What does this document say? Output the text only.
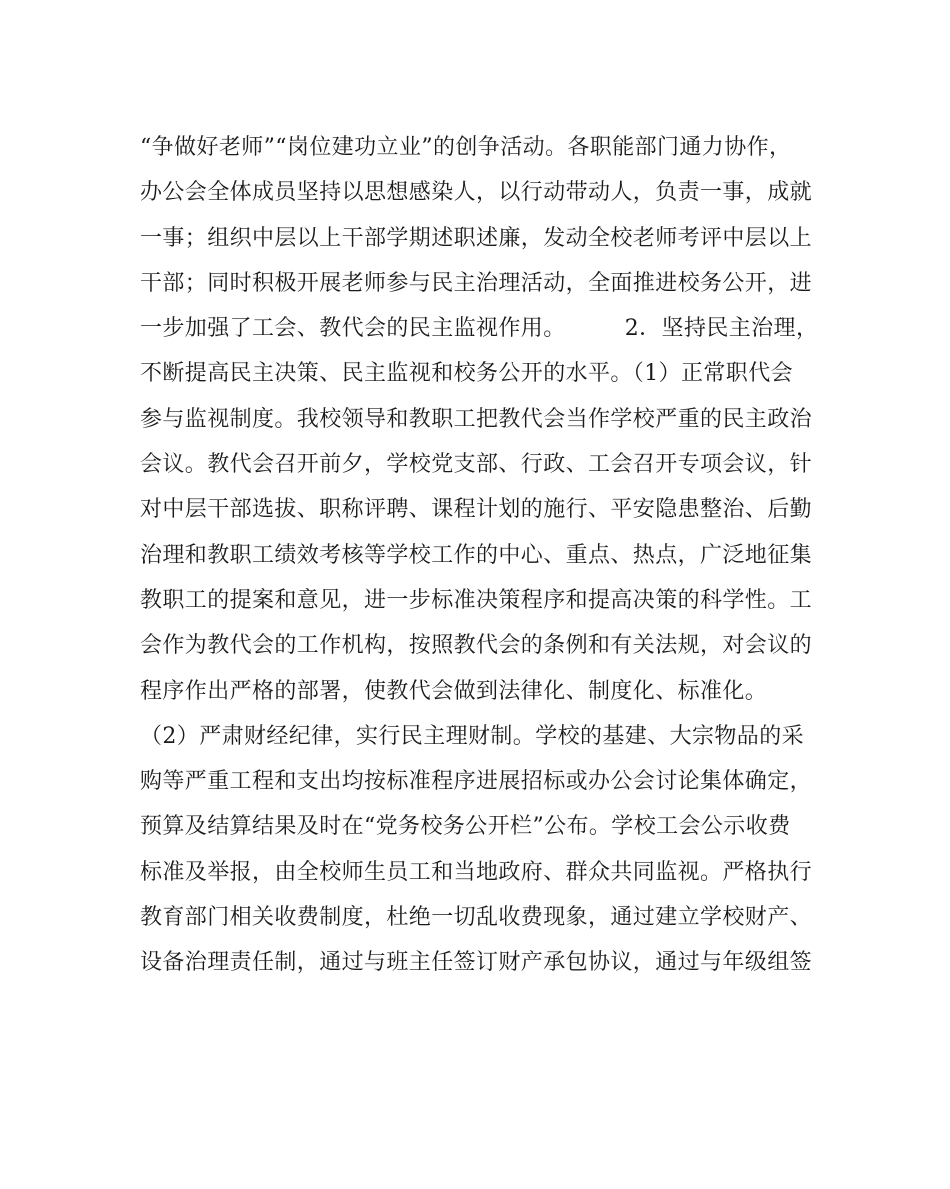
“争做好老师”“岗位建功立业”的创争活动。各职能部门通力协作，
办公会全体成员坚持以思想感染人，以行动带动人，负责一事，成就
一事；组织中层以上干部学期述职述廉，发动全校老师考评中层以上
干部；同时积极开展老师参与民主治理活动，全面推进校务公开，进
一步加强了工会、教代会的民主监视作用。        2．坚持民主治理，
不断提高民主决策、民主监视和校务公开的水平。（1）正常职代会
参与监视制度。我校领导和教职工把教代会当作学校严重的民主政治
会议。教代会召开前夕，学校党支部、行政、工会召开专项会议，针
对中层干部选拔、职称评聘、课程计划的施行、平安隐患整治、后勤
治理和教职工绩效考核等学校工作的中心、重点、热点，广泛地征集
教职工的提案和意见，进一步标准决策程序和提高决策的科学性。工
会作为教代会的工作机构，按照教代会的条例和有关法规，对会议的
程序作出严格的部署，使教代会做到法律化、制度化、标准化。
（2）严肃财经纪律，实行民主理财制。学校的基建、大宗物品的采
购等严重工程和支出均按标准程序进展招标或办公会讨论集体确定，
预算及结算结果及时在“党务校务公开栏”公布。学校工会公示收费
标准及举报，由全校师生员工和当地政府、群众共同监视。严格执行
教育部门相关收费制度，杜绝一切乱收费现象，通过建立学校财产、
设备治理责任制，通过与班主任签订财产承包协议，通过与年级组签
